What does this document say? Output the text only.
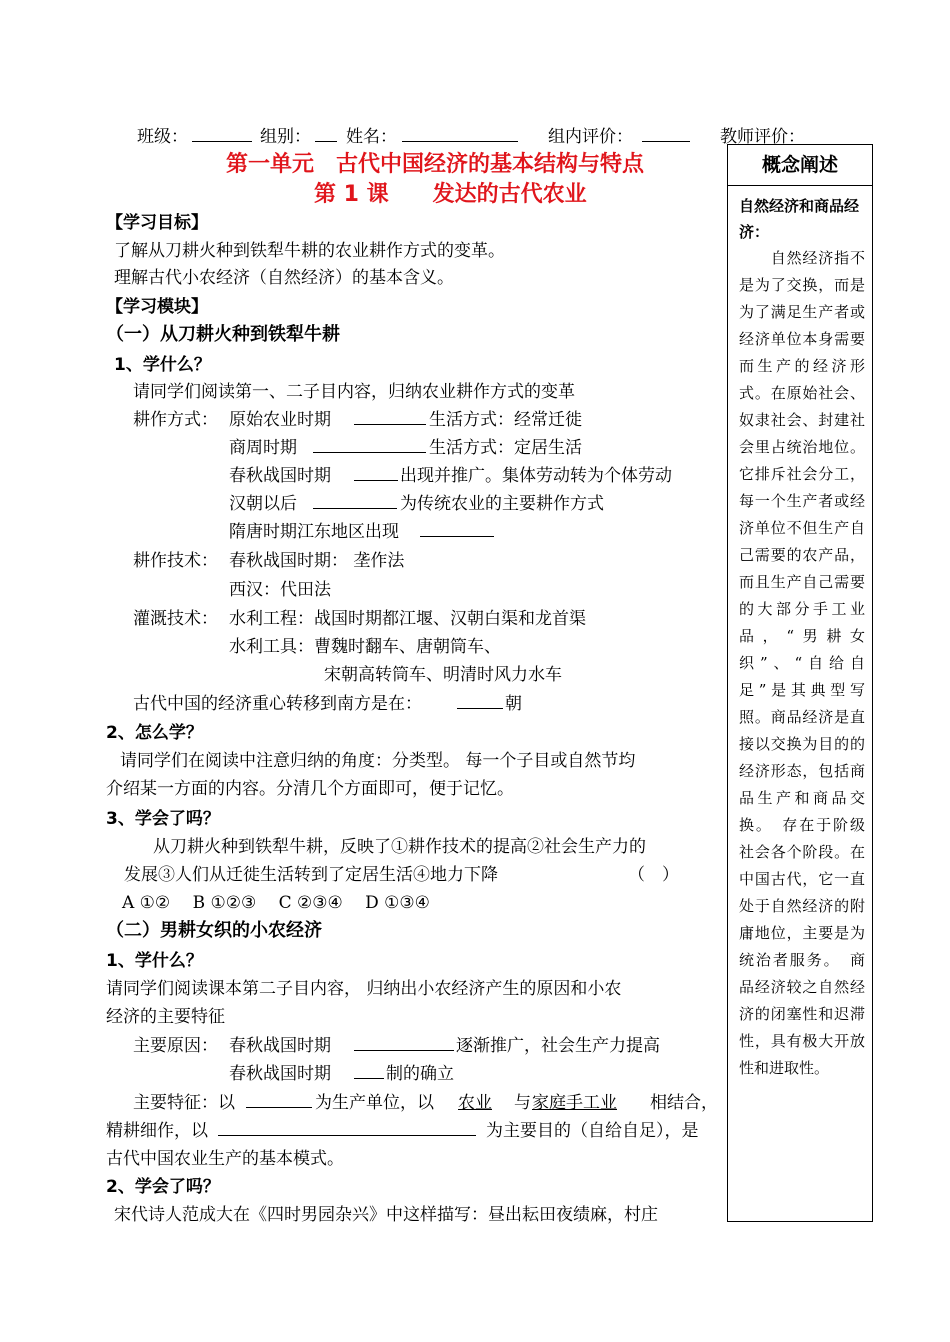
班级：	组别： 姓名：	组内评价：	教师评价：
第一单元　古代中国经济的基本结构与特点
第 1 课　　发达的古代农业
【学习目标】
了解从刀耕火种到铁犁牛耕的农业耕作方式的变革。
理解古代小农经济（自然经济）的基本含义。
【学习模块】
（一）从刀耕火种到铁犁牛耕
1、学什么？
请同学们阅读第一、二子目内容，归纳农业耕作方式的变革
耕作方式： 原始农业时期	生活方式：经常迁徙
商周时期	生活方式：定居生活
春秋战国时期	出现并推广。集体劳动转为个体劳动
汉朝以后	为传统农业的主要耕作方式
隋唐时期江东地区出现
耕作技术： 春秋战国时期： 垄作法
西汉：代田法
灌溉技术： 水利工程：战国时期都江堰、汉朝白渠和龙首渠
水利工具：曹魏时翻车、唐朝筒车、
宋朝高转筒车、明清时风力水车
古代中国的经济重心转移到南方是在：	朝
2、怎么学？
请同学们在阅读中注意归纳的角度：分类型。 每一个子目或自然节均
介绍某一方面的内容。分清几个方面即可，便于记忆。
3、学会了吗？
从刀耕火种到铁犁牛耕，反映了①耕作技术的提高②社会生产力的
发展③人们从迁徙生活转到了定居生活④地力下降	（　）
A ①②　 B ①②③　 C ②③④　 D ①③④
（二）男耕女织的小农经济
1、学什么？
请同学们阅读课本第二子目内容， 归纳出小农经济产生的原因和小农
经济的主要特征
主要原因： 春秋战国时期	逐渐推广，社会生产力提高
春秋战国时期	制的确立
主要特征：以	为生产单位，以 农业 与 家庭手工业 相结合，
精耕细作，以	为主要目的（自给自足），是
古代中国农业生产的基本模式。
2、学会了吗？
宋代诗人范成大在《四时男园杂兴》中这样描写：昼出耘田夜绩麻，村庄
概念阐述
自然经济和商品经济：
　　自然经济指不是为了交换，而是为了满足生产者或经济单位本身需要而生产的经济形式。在原始社会、奴隶社会、封建社会里占统治地位。它排斥社会分工，每一个生产者或经济单位不但生产自己需要的农产品，而且生产自己需要的大部分手工业品，“男耕女织”、“自给自足”是其典型写照。商品经济是直接以交换为目的的经济形态，包括商品生产和商品交换。　存在于阶级社会各个阶段。在中国古代，它一直处于自然经济的附庸地位，主要是为统治者服务。　商品经济较之自然经济的闭塞性和迟滞性，具有极大开放性和进取性。
